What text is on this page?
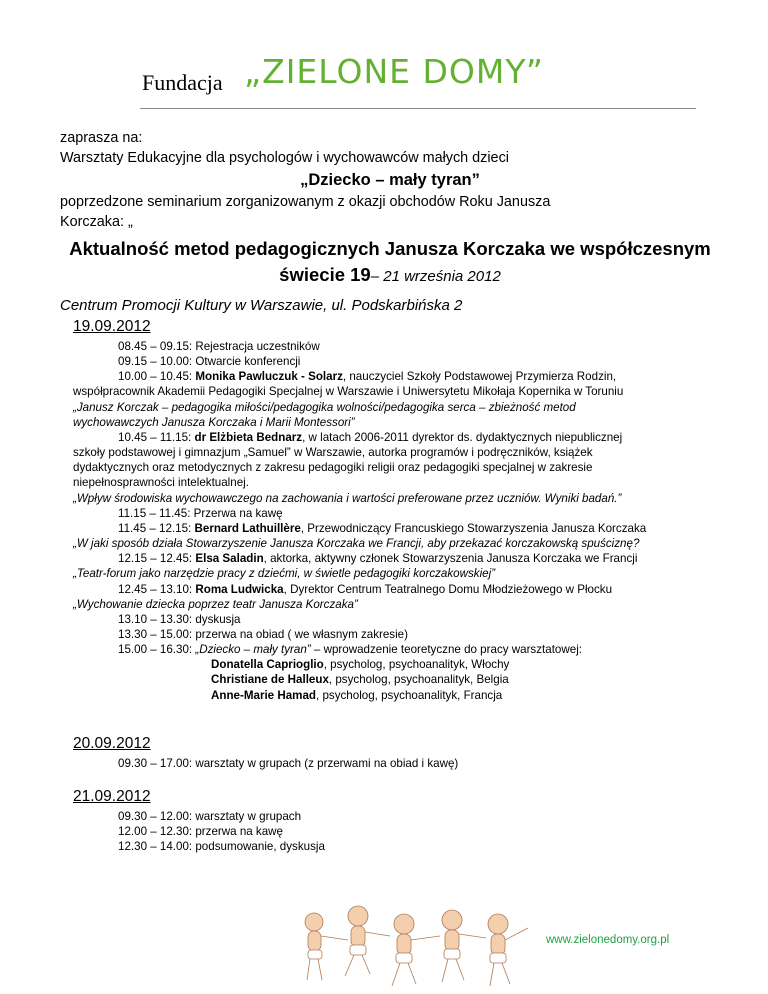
Fundacja „ZIELONE DOMY”
zaprasza na:
Warsztaty Edukacyjne dla psychologów i wychowawców małych dzieci
„Dziecko – mały tyran”
poprzedzone seminarium zorganizowanym z okazji obchodów Roku Janusza
Korczaka: „
Aktualność metod pedagogicznych Janusza Korczaka we współczesnym
świecie 19– 21 września 2012
Centrum Promocji Kultury w Warszawie, ul. Podskarbińska 2
19.09.2012
08.45 – 09.15: Rejestracja uczestników
09.15 – 10.00: Otwarcie konferencji
10.00 – 10.45: Monika Pawluczuk - Solarz, nauczyciel Szkoły Podstawowej Przymierza Rodzin,
współpracownik Akademii Pedagogiki Specjalnej w Warszawie i Uniwersytetu Mikołaja Kopernika w Toruniu
„Janusz Korczak – pedagogika miłości/pedagogika wolności/pedagogika serca – zbieżność metod
wychowawczych Janusza Korczaka i Marii Montessori”
10.45 – 11.15: dr Elżbieta Bednarz, w latach 2006-2011 dyrektor ds. dydaktycznych niepublicznej
szkoły podstawowej i gimnazjum „Samuel” w Warszawie, autorka programów i podręczników, książek
dydaktycznych oraz metodycznych z zakresu pedagogiki religii oraz pedagogiki specjalnej w zakresie
niepełnosprawności intelektualnej.
„Wpływ środowiska wychowawczego na zachowania i wartości preferowane przez uczniów. Wyniki badań.”
11.15 – 11.45: Przerwa na kawę
11.45 – 12.15: Bernard Lathuillère, Przewodniczący Francuskiego Stowarzyszenia Janusza Korczaka
„W jaki sposób działa Stowarzyszenie Janusza Korczaka we Francji, aby przekazać korczakowską spuściznę?
12.15 – 12.45: Elsa Saladin, aktorka, aktywny członek Stowarzyszenia Janusza Korczaka we Francji
„Teatr-forum jako narzędzie pracy z dziećmi, w świetle pedagogiki korczakowskiej”
12.45 – 13.10: Roma Ludwicka, Dyrektor Centrum Teatralnego Domu Młodzieżowego w Płocku
„Wychowanie dziecka poprzez teatr Janusza Korczaka”
13.10 – 13.30: dyskusja
13.30 – 15.00: przerwa na obiad ( we własnym zakresie)
15.00 – 16.30: „Dziecko – mały tyran” – wprowadzenie teoretyczne do pracy warsztatowej:
Donatella Caprioglio, psycholog, psychoanalityk, Włochy
Christiane de Halleux, psycholog, psychoanalityk, Belgia
Anne-Marie Hamad, psycholog, psychoanalityk, Francja
20.09.2012
09.30 – 17.00: warsztaty w grupach (z przerwami na obiad i kawę)
21.09.2012
09.30 – 12.00: warsztaty w grupach
12.00 – 12.30: przerwa na kawę
12.30 – 14.00: podsumowanie, dyskusja
www.zielonedomy.org.pl
